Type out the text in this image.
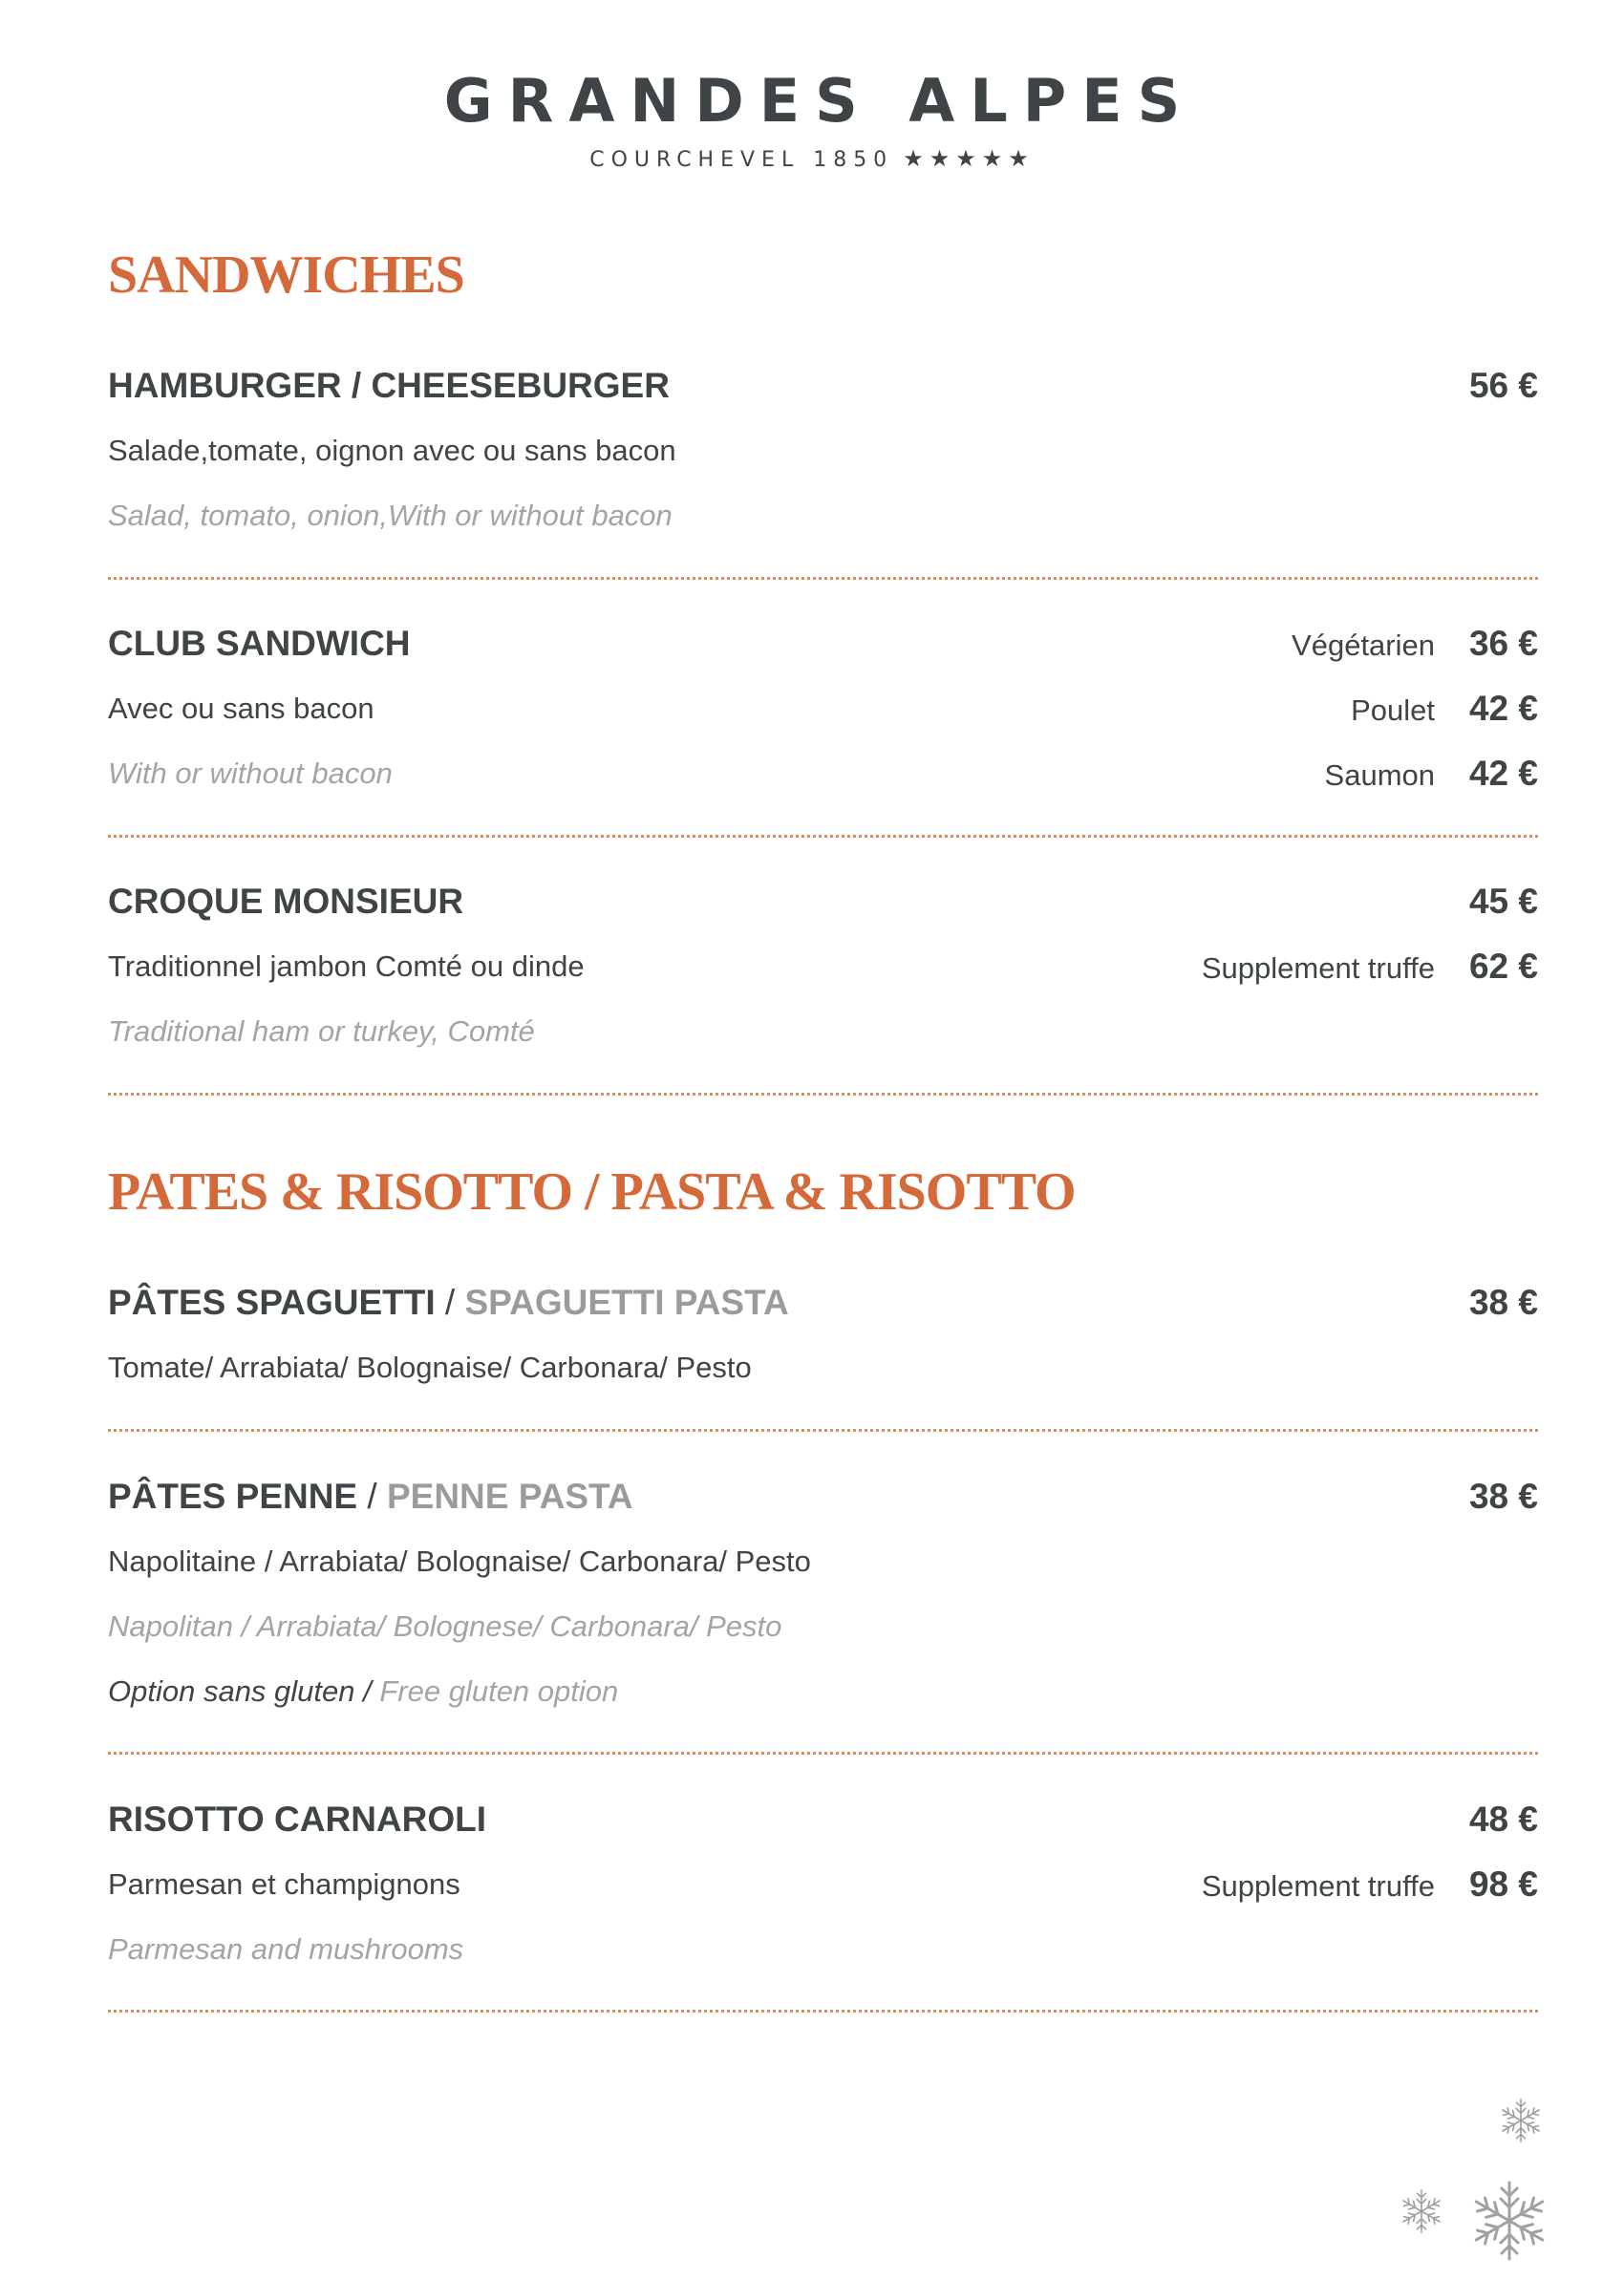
GRANDES ALPES
COURCHEVEL 1850 ★★★★★
SANDWICHES
HAMBURGER / CHEESEBURGER	56 €
Salade,tomate, oignon avec ou sans bacon
Salad, tomato, onion,With or without bacon
CLUB SANDWICH	Végétarien 36 €
Avec ou sans bacon	Poulet 42 €
With or without bacon	Saumon 42 €
CROQUE MONSIEUR	45 €
Traditionnel jambon Comté ou dinde	Supplement truffe 62 €
Traditional ham or turkey, Comté
PATES & RISOTTO / PASTA & RISOTTO
PÂTES SPAGUETTI / SPAGUETTI PASTA	38 €
Tomate/ Arrabiata/ Bolognaise/ Carbonara/ Pesto
PÂTES PENNE / PENNE PASTA	38 €
Napolitaine / Arrabiata/ Bolognaise/ Carbonara/ Pesto
Napolitan / Arrabiata/ Bolognese/ Carbonara/ Pesto
Option sans gluten / Free gluten option
RISOTTO CARNAROLI	48 €
Parmesan et champignons	Supplement truffe 98 €
Parmesan and mushrooms
